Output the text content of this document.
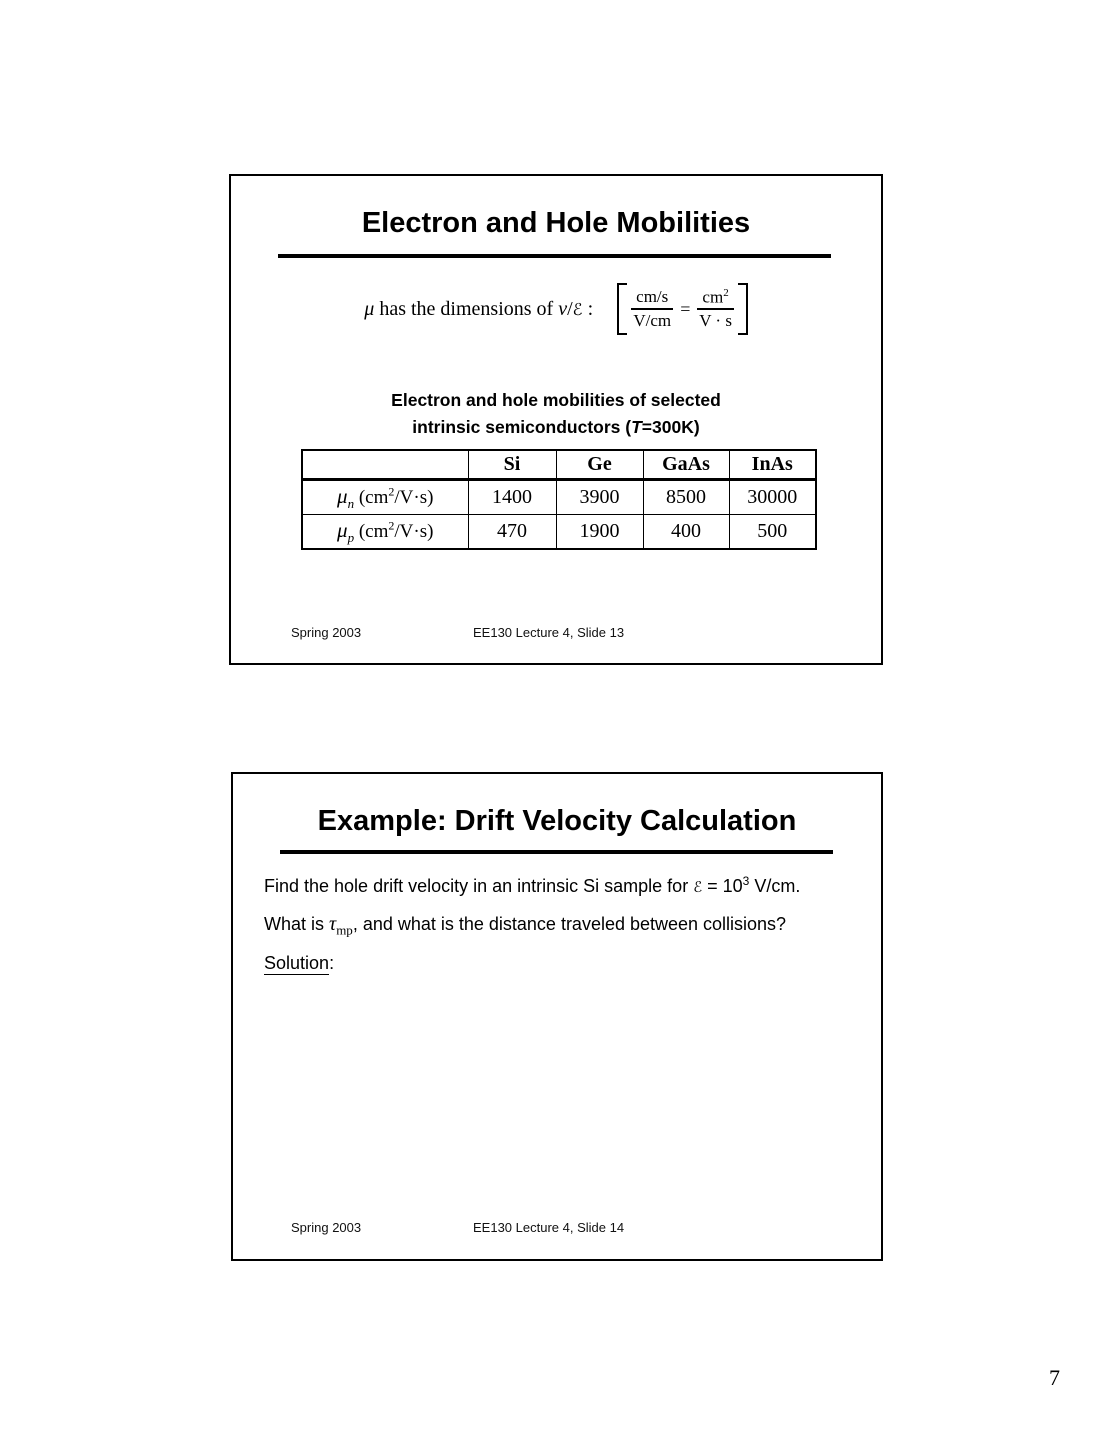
Electron and Hole Mobilities
μ has the dimensions of v/ℰ : $\frac{cm/s}{V/cm} = \frac{cm^2}{V \cdot s}$
Electron and hole mobilities of selected
intrinsic semiconductors (T=300K)
	Si	Ge	GaAs	InAs
$\mu_n$ $(cm^2/V\cdot s)$	1400	3900	8500	30000
$\mu_p$ $(cm^2/V\cdot s)$	470	1900	400	500
Spring 2003	EE130 Lecture 4, Slide 13
Example: Drift Velocity Calculation
Find the hole drift velocity in an intrinsic Si sample for ℰ = $10^3$ V/cm.
What is $\tau_{mp}$, and what is the distance traveled between collisions?
Solution:
Spring 2003	EE130 Lecture 4, Slide 14
7
